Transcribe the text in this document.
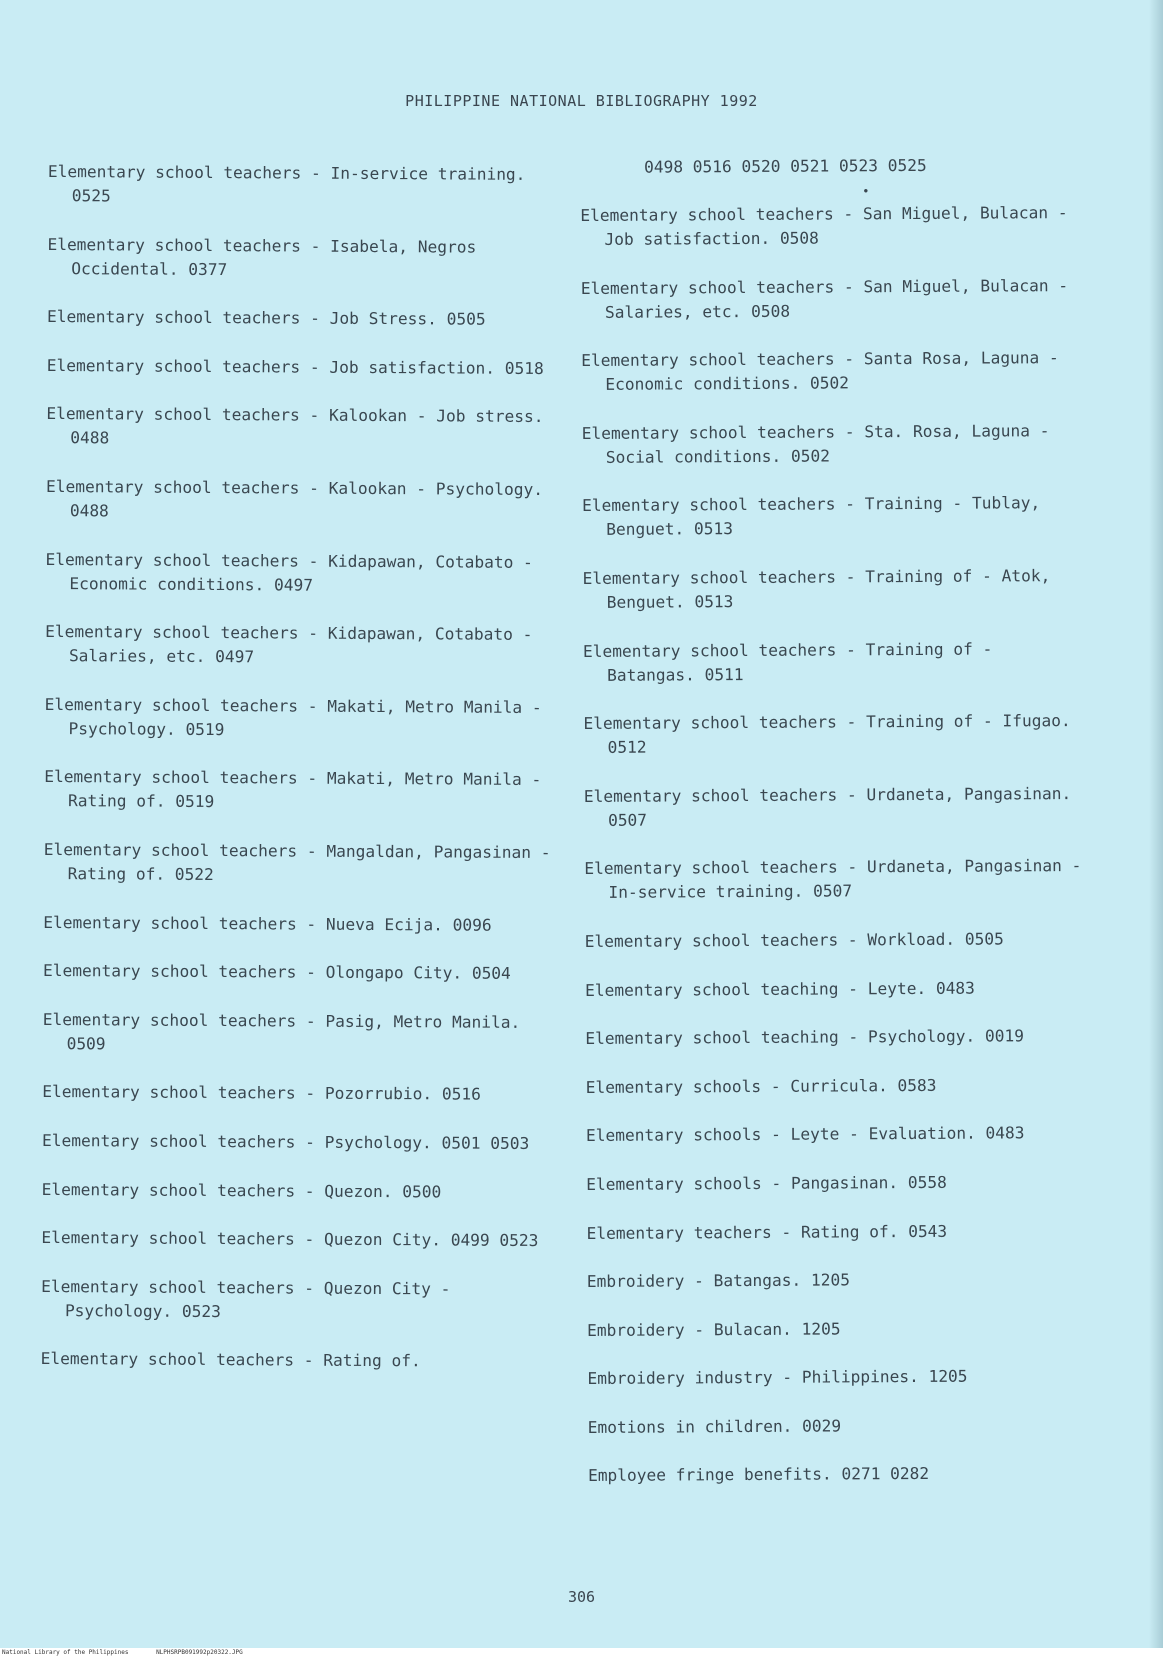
PHILIPPINE NATIONAL BIBLIOGRAPHY 1992
Elementary school teachers - In-service training. 0525
Elementary school teachers - Isabela, Negros Occidental. 0377
Elementary school teachers - Job Stress. 0505
Elementary school teachers - Job satisfaction. 0518
Elementary school teachers - Kalookan - Job stress. 0488
Elementary school teachers - Kalookan - Psychology. 0488
Elementary school teachers - Kidapawan, Cotabato - Economic conditions. 0497
Elementary school teachers - Kidapawan, Cotabato - Salaries, etc. 0497
Elementary school teachers - Makati, Metro Manila - Psychology. 0519
Elementary school teachers - Makati, Metro Manila - Rating of. 0519
Elementary school teachers - Mangaldan, Pangasinan - Rating of. 0522
Elementary school teachers - Nueva Ecija. 0096
Elementary school teachers - Olongapo City. 0504
Elementary school teachers - Pasig, Metro Manila. 0509
Elementary school teachers - Pozorrubio. 0516
Elementary school teachers - Psychology. 0501 0503
Elementary school teachers - Quezon. 0500
Elementary school teachers - Quezon City. 0499 0523
Elementary school teachers - Quezon City - Psychology. 0523
Elementary school teachers - Rating of.
0498 0516 0520 0521 0523 0525
•
Elementary school teachers - San Miguel, Bulacan - Job satisfaction. 0508
Elementary school teachers - San Miguel, Bulacan - Salaries, etc. 0508
Elementary school teachers - Santa Rosa, Laguna - Economic conditions. 0502
Elementary school teachers - Sta. Rosa, Laguna - Social conditions. 0502
Elementary school teachers - Training - Tublay, Benguet. 0513
Elementary school teachers - Training of - Atok, Benguet. 0513
Elementary school teachers - Training of - Batangas. 0511
Elementary school teachers - Training of - Ifugao. 0512
Elementary school teachers - Urdaneta, Pangasinan. 0507
Elementary school teachers - Urdaneta, Pangasinan - In-service training. 0507
Elementary school teachers - Workload. 0505
Elementary school teaching - Leyte. 0483
Elementary school teaching - Psychology. 0019
Elementary schools - Curricula. 0583
Elementary schools - Leyte - Evaluation. 0483
Elementary schools - Pangasinan. 0558
Elementary teachers - Rating of. 0543
Embroidery - Batangas. 1205
Embroidery - Bulacan. 1205
Embroidery industry - Philippines. 1205
Emotions in children. 0029
Employee fringe benefits. 0271 0282
306
National Library of the Philippines	NLPHSRPB091992p20322.JPG
